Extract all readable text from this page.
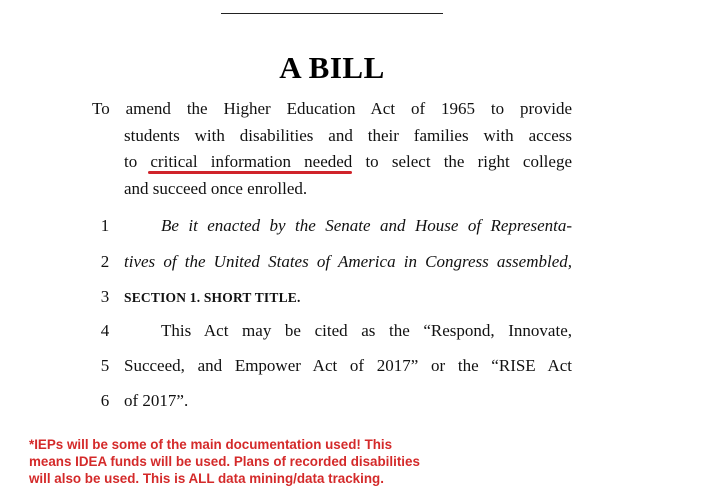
A BILL
To amend the Higher Education Act of 1965 to provide
students with disabilities and their families with access
to critical information needed to select the right college
and succeed once enrolled.
1	Be it enacted by the Senate and House of Representa-
2 tives of the United States of America in Congress assembled,
3	SECTION 1. SHORT TITLE.
4	This Act may be cited as the “Respond, Innovate,
5 Succeed, and Empower Act of 2017” or the “RISE Act
6 of 2017”.
*IEPs will be some of the main documentation used! This
means IDEA funds will be used. Plans of recorded disabilities
will also be used. This is ALL data mining/data tracking.
